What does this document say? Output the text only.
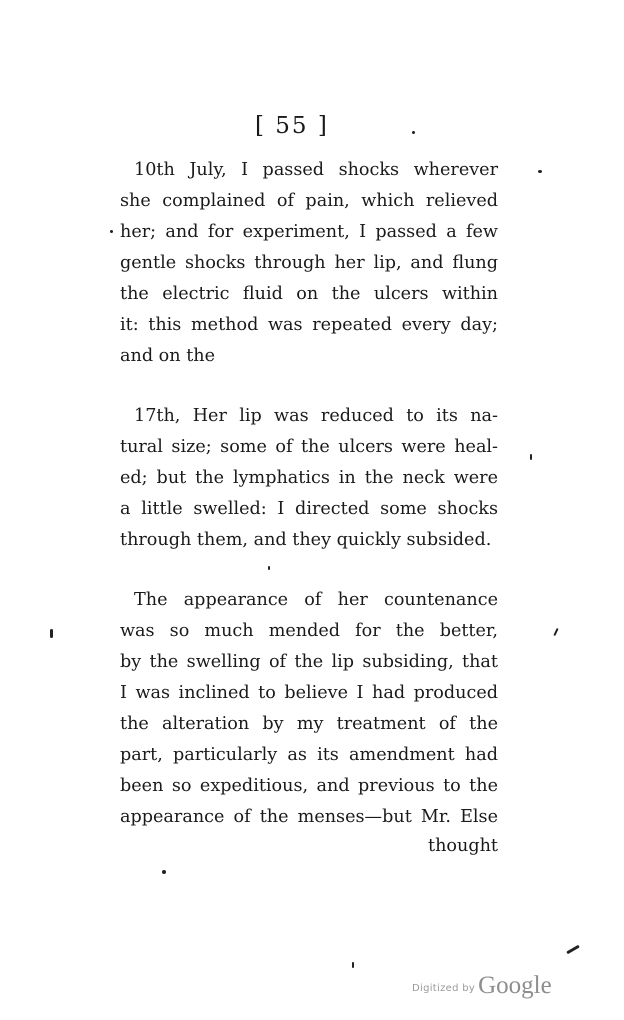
[ 55 ]
10th July, I passed shocks wherever
she complained of pain, which relieved
her; and for experiment, I passed a few
gentle shocks through her lip, and flung
the electric fluid on the ulcers within
it: this method was repeated every day;
and on the
17th, Her lip was reduced to its na-
tural size; some of the ulcers were heal-
ed; but the lymphatics in the neck were
a little swelled: I directed some shocks
through them, and they quickly subsided.
The appearance of her countenance
was so much mended for the better,
by the swelling of the lip subsiding, that
I was inclined to believe I had produced
the alteration by my treatment of the
part, particularly as its amendment had
been so expeditious, and previous to the
appearance of the menses—but Mr. Else
thought
Digitized by Google
